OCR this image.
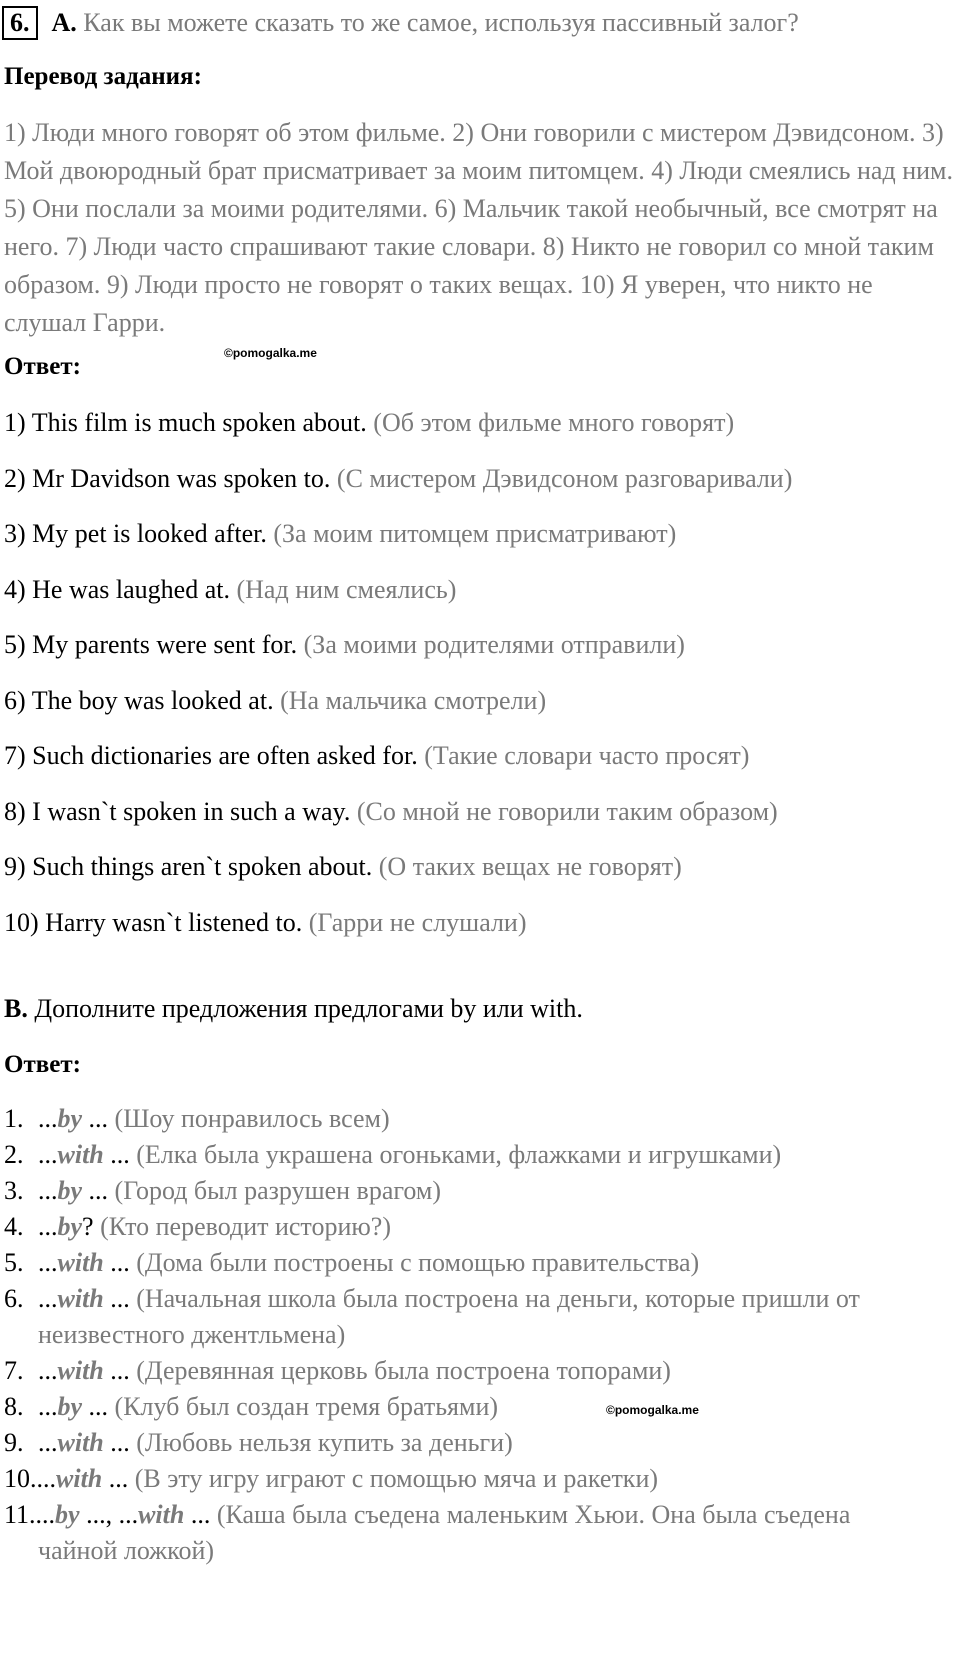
6. A. Как вы можете сказать то же самое, используя пассивный залог?
Перевод задания:
1) Люди много говорят об этом фильме. 2) Они говорили с мистером Дэвидсоном. 3) Мой двоюродный брат присматривает за моим питомцем. 4) Люди смеялись над ним. 5) Они послали за моими родителями. 6) Мальчик такой необычный, все смотрят на него. 7) Люди часто спрашивают такие словари. 8) Никто не говорил со мной таким образом. 9) Люди просто не говорят о таких вещах. 10) Я уверен, что никто не слушал Гарри.
Ответ:	©pomogalka.me
1) This film is much spoken about. (Об этом фильме много говорят)
2) Mr Davidson was spoken to. (С мистером Дэвидсоном разговаривали)
3) My pet is looked after. (За моим питомцем присматривают)
4) He was laughed at. (Над ним смеялись)
5) My parents were sent for. (За моими родителями отправили)
6) The boy was looked at. (На мальчика смотрели)
7) Such dictionaries are often asked for. (Такие словари часто просят)
8) I wasn`t spoken in such a way. (Со мной не говорили таким образом)
9) Such things aren`t spoken about. (О таких вещах не говорят)
10) Harry wasn`t listened to. (Гарри не слушали)
B. Дополните предложения предлогами by или with.
Ответ:
1. ...by ... (Шоу понравилось всем)
2. ...with ... (Елка была украшена огоньками, флажками и игрушками)
3. ...by ... (Город был разрушен врагом)
4. ...by? (Кто переводит историю?)
5. ...with ... (Дома были построены с помощью правительства)
6. ...with ... (Начальная школа была построена на деньги, которые пришли от
неизвестного джентльмена)
7. ...with ... (Деревянная церковь была построена топорами)
8. ...by ... (Клуб был создан тремя братьями)
9. ...with ... (Любовь нельзя купить за деньги)
10....with ... (В эту игру играют с помощью мяча и ракетки)
11....by ..., ...with ... (Каша была съедена маленьким Хьюи. Она была съедена
чайной ложкой)
©pomogalka.me
